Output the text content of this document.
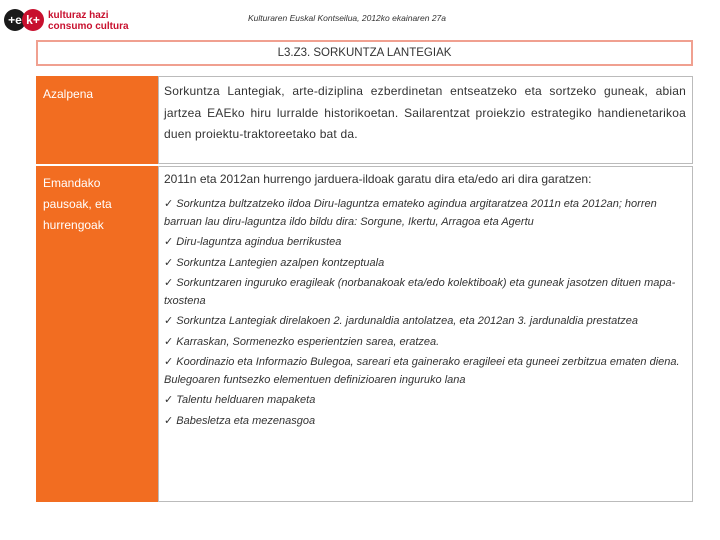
+e k+ kulturaz hazi
consumo cultura
Kulturaren Euskal Kontseilua, 2012ko ekainaren 27a
L3.Z3. SORKUNTZA LANTEGIAK
Azalpena
Emandako
pausoak, eta
hurrengoak
Sorkuntza Lantegiak, arte-diziplina ezberdinetan entseatzeko eta sortzeko guneak, abian jartzea EAEko hiru lurralde historikoetan. Sailarentzat proiekzio estrategiko handienetarikoa duen proiektu-traktoreetako bat da.
2011n eta 2012an hurrengo jarduera-ildoak garatu dira eta/edo ari dira garatzen:
✓ Sorkuntza bultzatzeko ildoa Diru-laguntza emateko agindua argitaratzea 2011n eta 2012an; horren barruan lau diru-laguntza ildo bildu dira: Sorgune, Ikertu, Arragoa eta Agertu
✓ Diru-laguntza agindua berrikustea
✓ Sorkuntza Lantegien azalpen kontzeptuala
✓ Sorkuntzaren inguruko eragileak (norbanakoak eta/edo kolektiboak) eta guneak jasotzen dituen mapa-txostena
✓ Sorkuntza Lantegiak direlakoen 2. jardunaldia antolatzea, eta 2012an 3. jardunaldia prestatzea
✓ Karraskan, Sormenezko esperientzien sarea, eratzea.
✓ Koordinazio eta Informazio Bulegoa, sareari eta gainerako eragileei eta guneei zerbitzua ematen diena. Bulegoaren funtsezko elementuen definizioaren inguruko lana
✓ Talentu helduaren mapaketa
✓ Babesletza eta mezenasgoa
